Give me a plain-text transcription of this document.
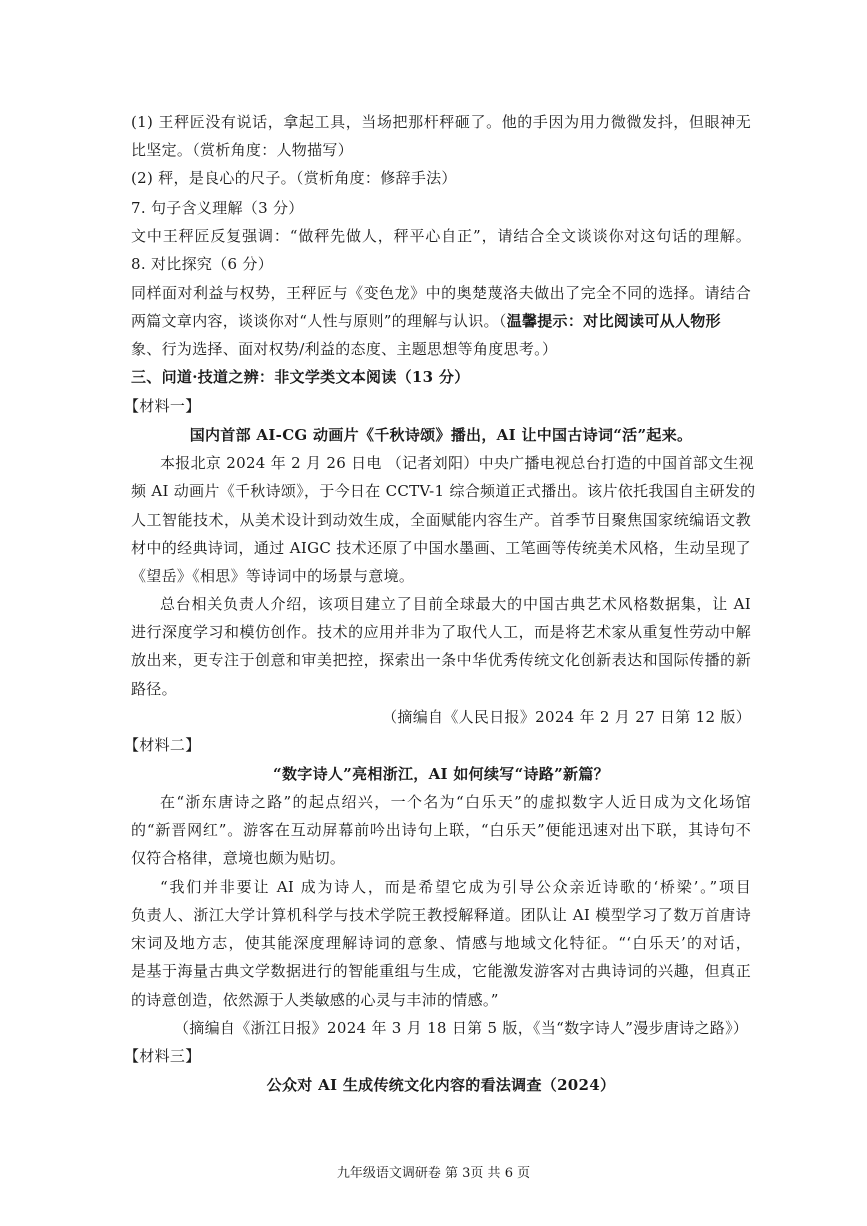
(1) 王秤匠没有说话，拿起工具，当场把那杆秤砸了。他的手因为用力微微发抖，但眼神无
比坚定。（赏析角度：人物描写）
(2) 秤，是良心的尺子。（赏析角度：修辞手法）
7. 句子含义理解（3 分）
文中王秤匠反复强调：“做秤先做人，秤平心自正”，请结合全文谈谈你对这句话的理解。
8. 对比探究（6 分）
同样面对利益与权势，王秤匠与《变色龙》中的奥楚蔑洛夫做出了完全不同的选择。请结合
两篇文章内容，谈谈你对“人性与原则”的理解与认识。（温馨提示：对比阅读可从人物形
象、行为选择、面对权势/利益的态度、主题思想等角度思考。）
三、问道·技道之辨：非文学类文本阅读（13 分）
【材料一】
国内首部 AI-CG 动画片《千秋诗颂》播出，AI 让中国古诗词“活”起来。
本报北京 2024 年 2 月 26 日电 （记者刘阳）中央广播电视总台打造的中国首部文生视
频 AI 动画片《千秋诗颂》，于今日在 CCTV-1 综合频道正式播出。该片依托我国自主研发的
人工智能技术，从美术设计到动效生成，全面赋能内容生产。首季节目聚焦国家统编语文教
材中的经典诗词，通过 AIGC 技术还原了中国水墨画、工笔画等传统美术风格，生动呈现了
《望岳》《相思》等诗词中的场景与意境。
总台相关负责人介绍，该项目建立了目前全球最大的中国古典艺术风格数据集，让 AI
进行深度学习和模仿创作。技术的应用并非为了取代人工，而是将艺术家从重复性劳动中解
放出来，更专注于创意和审美把控，探索出一条中华优秀传统文化创新表达和国际传播的新
路径。
（摘编自《人民日报》2024 年 2 月 27 日第 12 版）
【材料二】
“数字诗人”亮相浙江，AI 如何续写“诗路”新篇？
在“浙东唐诗之路”的起点绍兴，一个名为“白乐天”的虚拟数字人近日成为文化场馆
的“新晋网红”。游客在互动屏幕前吟出诗句上联，“白乐天”便能迅速对出下联，其诗句不
仅符合格律，意境也颇为贴切。
“我们并非要让 AI 成为诗人，而是希望它成为引导公众亲近诗歌的‘桥梁’。”项目
负责人、浙江大学计算机科学与技术学院王教授解释道。团队让 AI 模型学习了数万首唐诗
宋词及地方志，使其能深度理解诗词的意象、情感与地域文化特征。“‘白乐天’的对话，
是基于海量古典文学数据进行的智能重组与生成，它能激发游客对古典诗词的兴趣，但真正
的诗意创造，依然源于人类敏感的心灵与丰沛的情感。”
（摘编自《浙江日报》2024 年 3 月 18 日第 5 版，《当“数字诗人”漫步唐诗之路》）
【材料三】
公众对 AI 生成传统文化内容的看法调查（2024）
九年级语文调研卷 第 3页 共 6 页
